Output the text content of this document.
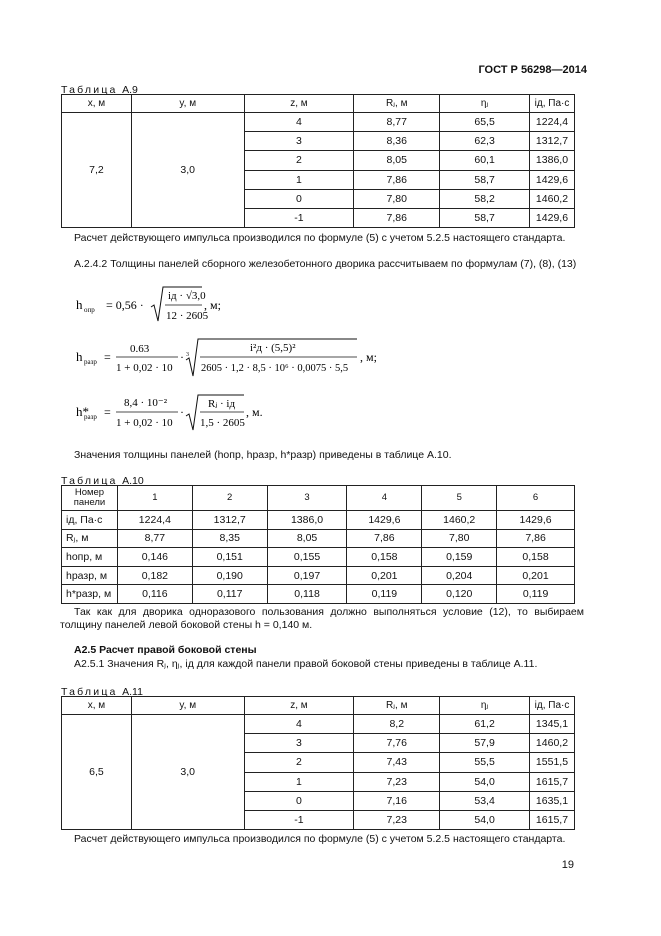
ГОСТ Р 56298—2014
Таблица А.9
x, м	y, м	z, м	Rⱼ, м	ηⱼ	iд, Па·с
7,2	3,0	4	8,77	65,5	1224,4
		3	8,36	62,3	1312,7
		2	8,05	60,1	1386,0
		1	7,86	58,7	1429,6
		0	7,80	58,2	1460,2
		-1	7,86	58,7	1429,6
Расчет действующего импульса производился по формуле (5) с учетом 5.2.5 настоящего стандарта.
А.2.4.2 Толщины панелей сборного железобетонного дворика рассчитываем по формулам (7), (8), (13)
h опр = 0,56 ·
iд · √3,0
12 · 2605
, м;
h разр =
0.63
1 + 0,02 · 10
· 3
i²д · (5,5)²
2605 · 1,2 · 8,5 · 10⁶ · 0,0075 · 5,5
, м;
h*
разр =
8,4 · 10⁻²
1 + 0,02 · 10
·
Rⱼ · iд
1,5 · 2605
, м.
Значения толщины панелей (hопр, hразр, h*разр) приведены в таблице А.10.
Таблица А.10
Номер панели	1	2	3	4	5	6
iд, Па·с	1224,4	1312,7	1386,0	1429,6	1460,2	1429,6
Rⱼ, м	8,77	8,35	8,05	7,86	7,80	7,86
hопр, м	0,146	0,151	0,155	0,158	0,159	0,158
hразр, м	0,182	0,190	0,197	0,201	0,204	0,201
h*разр, м	0,116	0,117	0,118	0,119	0,120	0,119
Так как для дворика одноразового пользования должно выполняться условие (12), то выбираем толщину панелей левой боковой стены h = 0,140 м.
А2.5 Расчет правой боковой стены
А2.5.1 Значения Rⱼ, ηⱼ, iд для каждой панели правой боковой стены приведены в таблице А.11.
Таблица А.11
x, м	y, м	z, м	Rⱼ, м	ηⱼ	iд, Па·с
6,5	3,0	4	8,2	61,2	1345,1
		3	7,76	57,9	1460,2
		2	7,43	55,5	1551,5
		1	7,23	54,0	1615,7
		0	7,16	53,4	1635,1
		-1	7,23	54,0	1615,7
Расчет действующего импульса производился по формуле (5) с учетом 5.2.5 настоящего стандарта.
19
